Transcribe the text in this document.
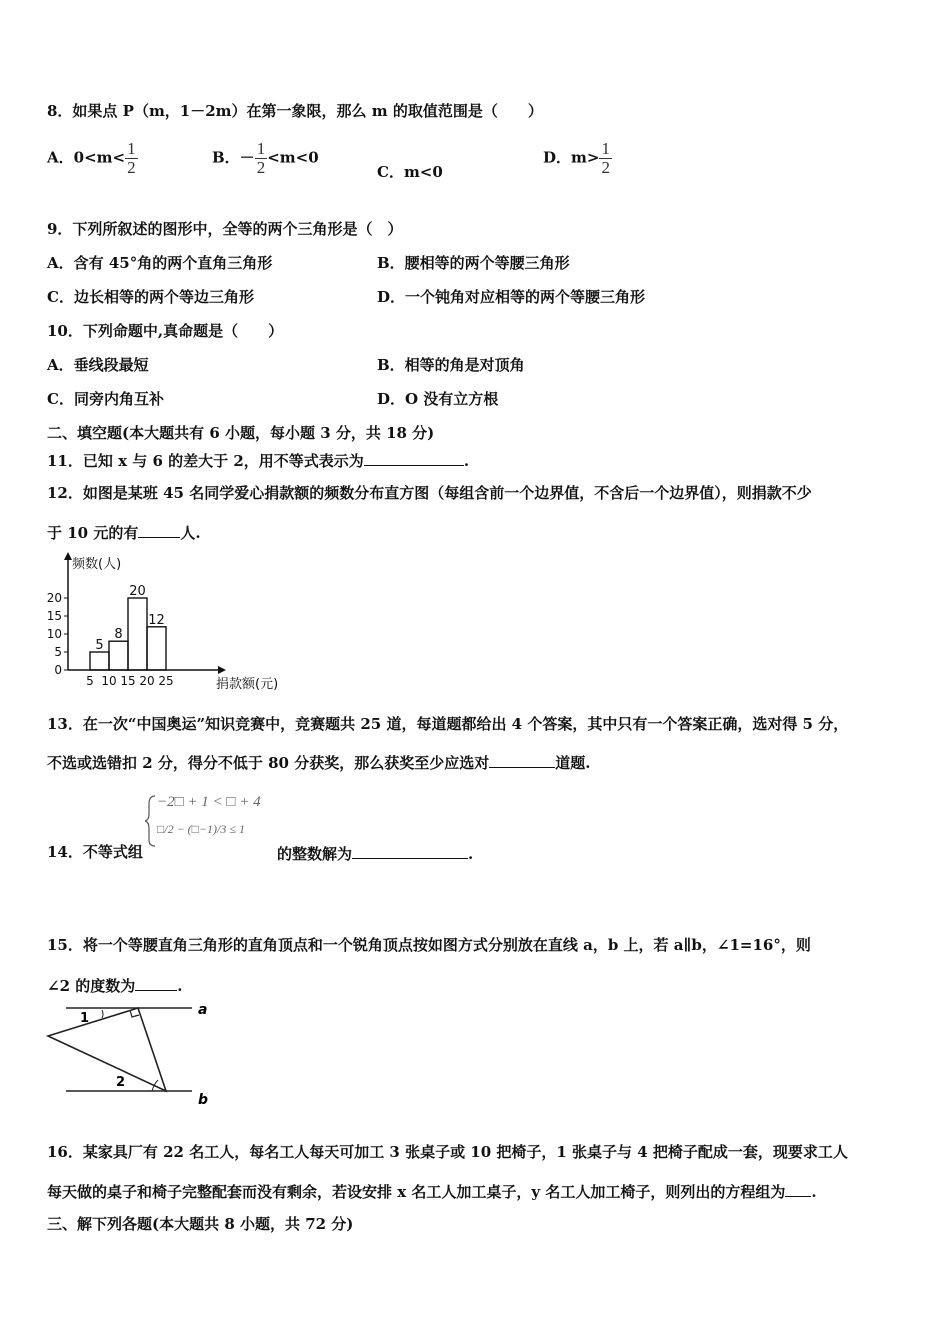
8．如果点 P（m，1－2m）在第一象限，那么 m 的取值范围是（　　）
A．$0<m< \frac{1}{2}$	B．－ $\frac{1}{2} <m<0$
C．m<0
D．$m> \frac{1}{2}$
9．下列所叙述的图形中，全等的两个三角形是（　）
A．含有 45°角的两个直角三角形	B．腰相等的两个等腰三角形
C．边长相等的两个等边三角形	D．一个钝角对应相等的两个等腰三角形
10．下列命题中,真命题是（　　）
A．垂线段最短	B．相等的角是对顶角
C．同旁内角互补	D．O 没有立方根
二、填空题(本大题共有 6 小题，每小题 3 分，共 18 分)
11．已知 x 与 6 的差大于 2，用不等式表示为	.
12．如图是某班 45 名同学爱心捐款额的频数分布直方图（每组含前一个边界值，不含后一个边界值），则捐款不少
于 10 元的有	人.
频数(人)
捐款额(元)
0
5
10
15
20
5 10 15 20 25
5
8
20
12
13．在一次“中国奥运”知识竞赛中，竞赛题共 25 道，每道题都给出 4 个答案，其中只有一个答案正确，选对得 5 分，
不选或选错扣 2 分，得分不低于 80 分获奖，那么获奖至少应选对	道题.
14．不等式组
−2□ + 1 < □ + 4
□/2 − (□−1)/3 ≤ 1
的整数解为	.
15．将一个等腰直角三角形的直角顶点和一个锐角顶点按如图方式分别放在直线 a，b 上，若 a∥b，∠1=16°，则
∠2 的度数为	.
a
b
1
2
16．某家具厂有 22 名工人，每名工人每天可加工 3 张桌子或 10 把椅子，1 张桌子与 4 把椅子配成一套，现要求工人
每天做的桌子和椅子完整配套而没有剩余，若设安排 x 名工人加工桌子，y 名工人加工椅子，则列出的方程组为 .
三、解下列各题(本大题共 8 小题，共 72 分)
